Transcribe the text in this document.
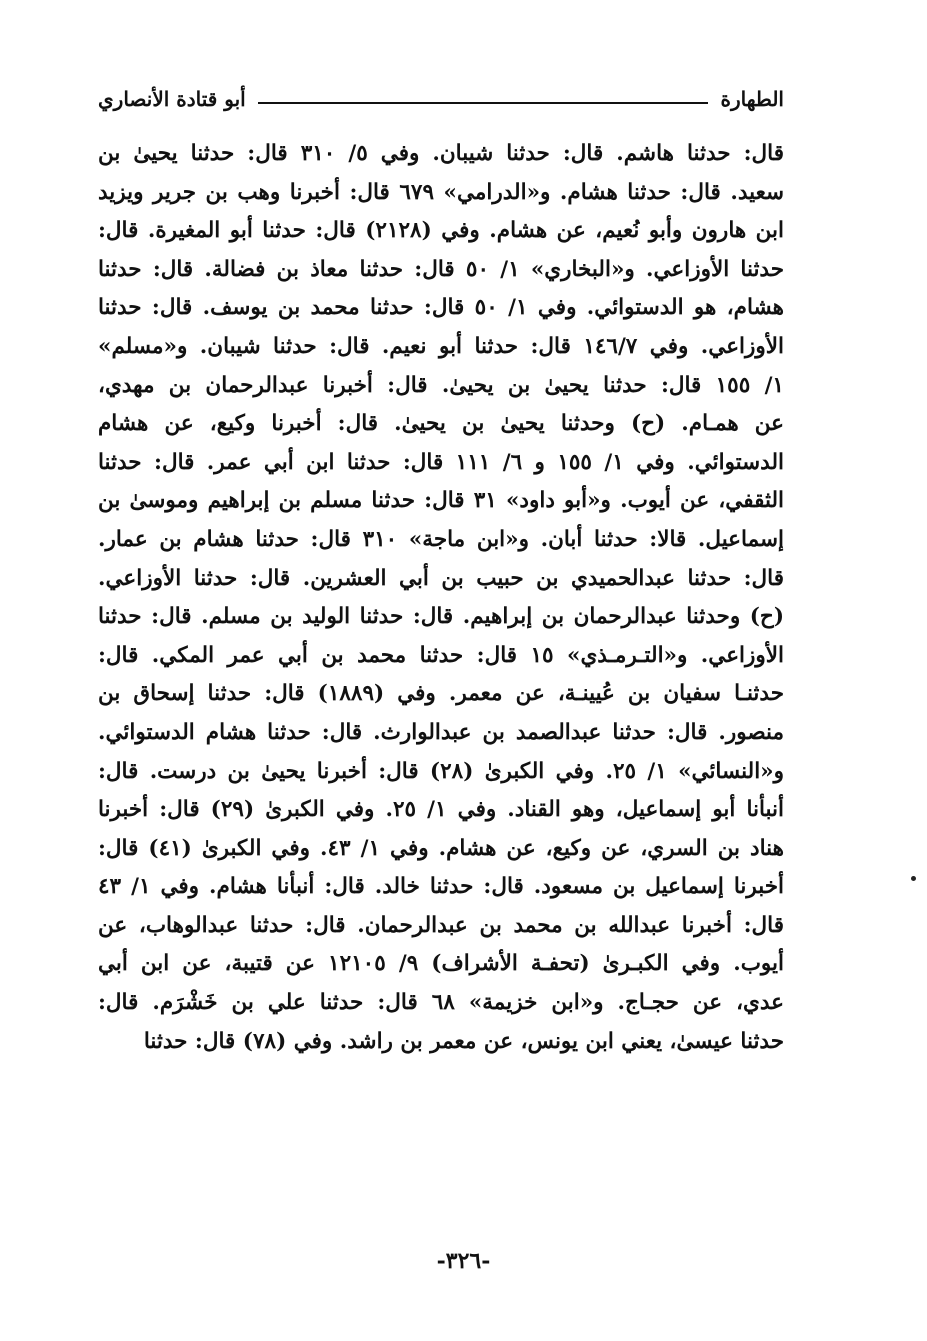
الطهارة
أبو قتادة الأنصاري
قال: حدثنا هاشم. قال: حدثنا شيبان. وفي ٥/ ٣١٠ قال: حدثنا يحيىٰ بن
سعيد. قال: حدثنا هشام. و«الدرامي» ٦٧٩ قال: أخبرنا وهب بن جرير ويزيد
ابن هارون وأبو نُعيم، عن هشام. وفي (٢١٢٨) قال: حدثنا أبو المغيرة. قال:
حدثنا الأوزاعي. و«البخاري» ١/ ٥٠ قال: حدثنا معاذ بن فضالة. قال: حدثنا
هشام، هو الدستوائي. وفي ١/ ٥٠ قال: حدثنا محمد بن يوسف. قال: حدثنا
الأوزاعي. وفي ١٤٦/٧ قال: حدثنا أبو نعيم. قال: حدثنا شيبان. و«مسلم»
١/ ١٥٥ قال: حدثنا يحيىٰ بن يحيىٰ. قال: أخبرنا عبدالرحمان بن مهدي،
عن همـام. (ح) وحدثنا يحيىٰ بن يحيىٰ. قال: أخبرنا وكيع، عن هشام
الدستوائي. وفي ١/ ١٥٥ و ٦/ ١١١ قال: حدثنا ابن أبي عمر. قال: حدثنا
الثقفي، عن أيوب. و«أبو داود» ٣١ قال: حدثنا مسلم بن إبراهيم وموسىٰ بن
إسماعيل. قالا: حدثنا أبان. و«ابن ماجة» ٣١٠ قال: حدثنا هشام بن عمار.
قال: حدثنا عبدالحميدي بن حبيب بن أبي العشرين. قال: حدثنا الأوزاعي.
(ح) وحدثنا عبدالرحمان بن إبراهيم. قال: حدثنا الوليد بن مسلم. قال: حدثنا
الأوزاعي. و«التـرمـذي» ١٥ قال: حدثنا محمد بن أبي عمر المكي. قال:
حدثنـا سفيان بن عُيينـة، عن معمر. وفي (١٨٨٩) قال: حدثنا إسحاق بن
منصور. قال: حدثنا عبدالصمد بن عبدالوارث. قال: حدثنا هشام الدستوائي.
و«النسائي» ١/ ٢٥. وفي الكبرىٰ (٢٨) قال: أخبرنا يحيىٰ بن درست. قال:
أنبأنا أبو إسماعيل، وهو القناد. وفي ١/ ٢٥. وفي الكبرىٰ (٢٩) قال: أخبرنا
هناد بن السري، عن وكيع، عن هشام. وفي ١/ ٤٣. وفي الكبرىٰ (٤١) قال:
أخبرنا إسماعيل بن مسعود. قال: حدثنا خالد. قال: أنبأنا هشام. وفي ١/ ٤٣
قال: أخبرنا عبدالله بن محمد بن عبدالرحمان. قال: حدثنا عبدالوهاب، عن
أيوب. وفي الكبـرىٰ (تحفـة الأشراف) ٩/ ١٢١٠٥ عن قتيبة، عن ابن أبي
عدي، عن حجـاج. و«ابن خزيمة» ٦٨ قال: حدثنا علي بن خَشْرَم. قال:
حدثنا عيسىٰ، يعني ابن يونس، عن معمر بن راشد. وفي (٧٨) قال: حدثنا
-٣٢٦-
